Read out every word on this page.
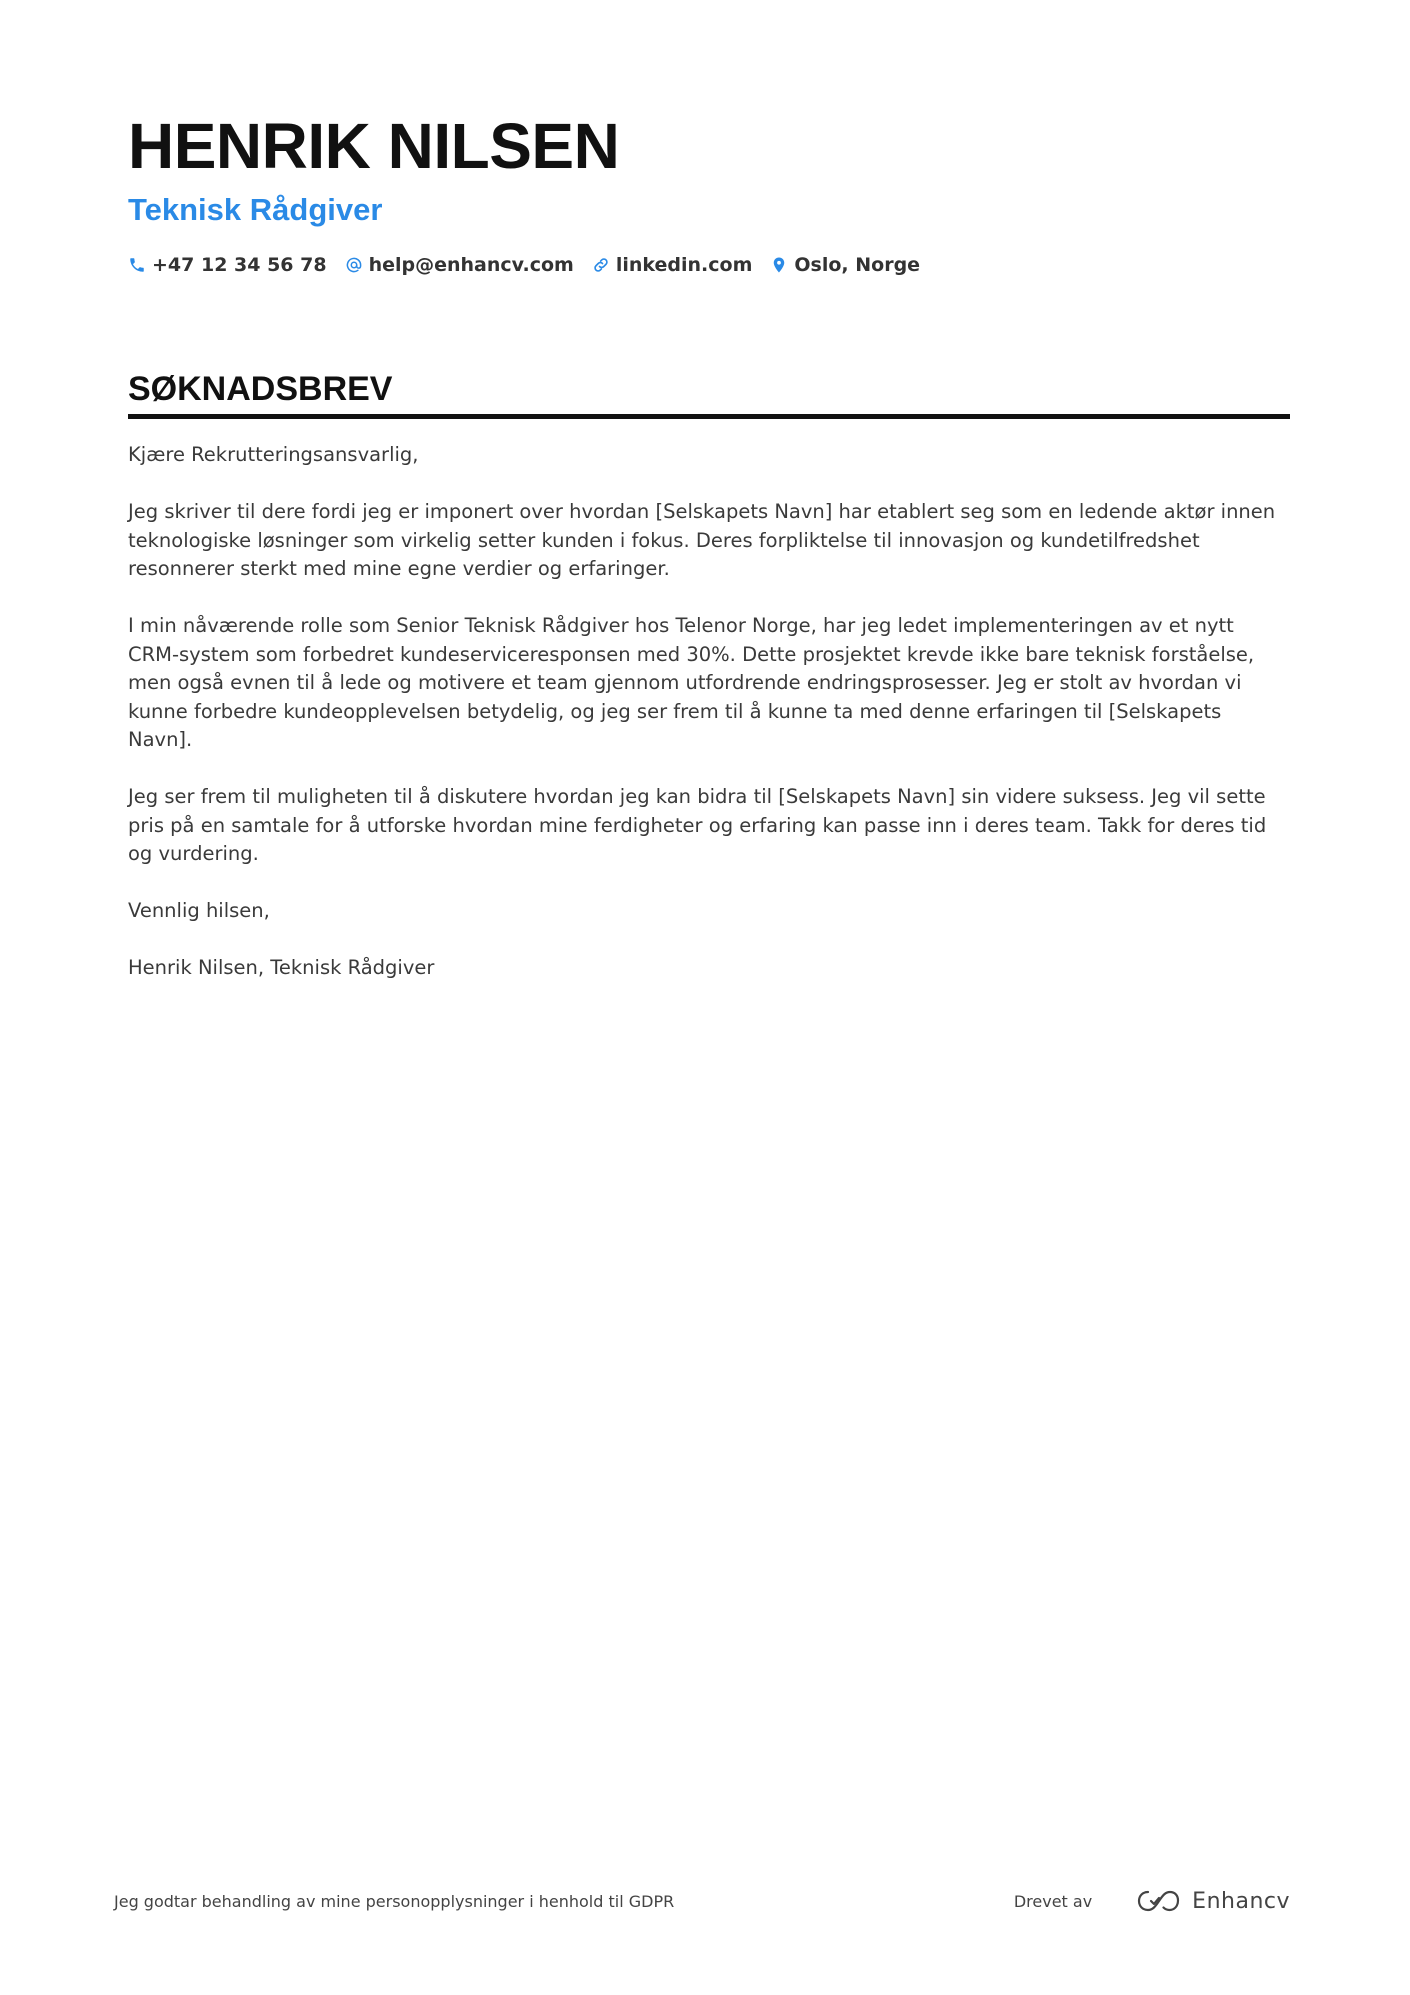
HENRIK NILSEN
Teknisk Rådgiver
+47 12 34 56 78 help@enhancv.com linkedin.com Oslo, Norge
SØKNADSBREV

Kjære Rekrutteringsansvarlig,

Jeg skriver til dere fordi jeg er imponert over hvordan [Selskapets Navn] har etablert seg som en ledende aktør innen teknologiske løsninger som virkelig setter kunden i fokus. Deres forpliktelse til innovasjon og kundetilfredshet resonnerer sterkt med mine egne verdier og erfaringer.

I min nåværende rolle som Senior Teknisk Rådgiver hos Telenor Norge, har jeg ledet implementeringen av et nytt CRM-system som forbedret kundeserviceresponsen med 30%. Dette prosjektet krevde ikke bare teknisk forståelse, men også evnen til å lede og motivere et team gjennom utfordrende endringsprosesser. Jeg er stolt av hvordan vi kunne forbedre kundeopplevelsen betydelig, og jeg ser frem til å kunne ta med denne erfaringen til [Selskapets Navn].

Jeg ser frem til muligheten til å diskutere hvordan jeg kan bidra til [Selskapets Navn] sin videre suksess. Jeg vil sette pris på en samtale for å utforske hvordan mine ferdigheter og erfaring kan passe inn i deres team. Takk for deres tid og vurdering.

Vennlig hilsen,

Henrik Nilsen, Teknisk Rådgiver

Jeg godtar behandling av mine personopplysninger i henhold til GDPR	Drevet av	Enhancv
